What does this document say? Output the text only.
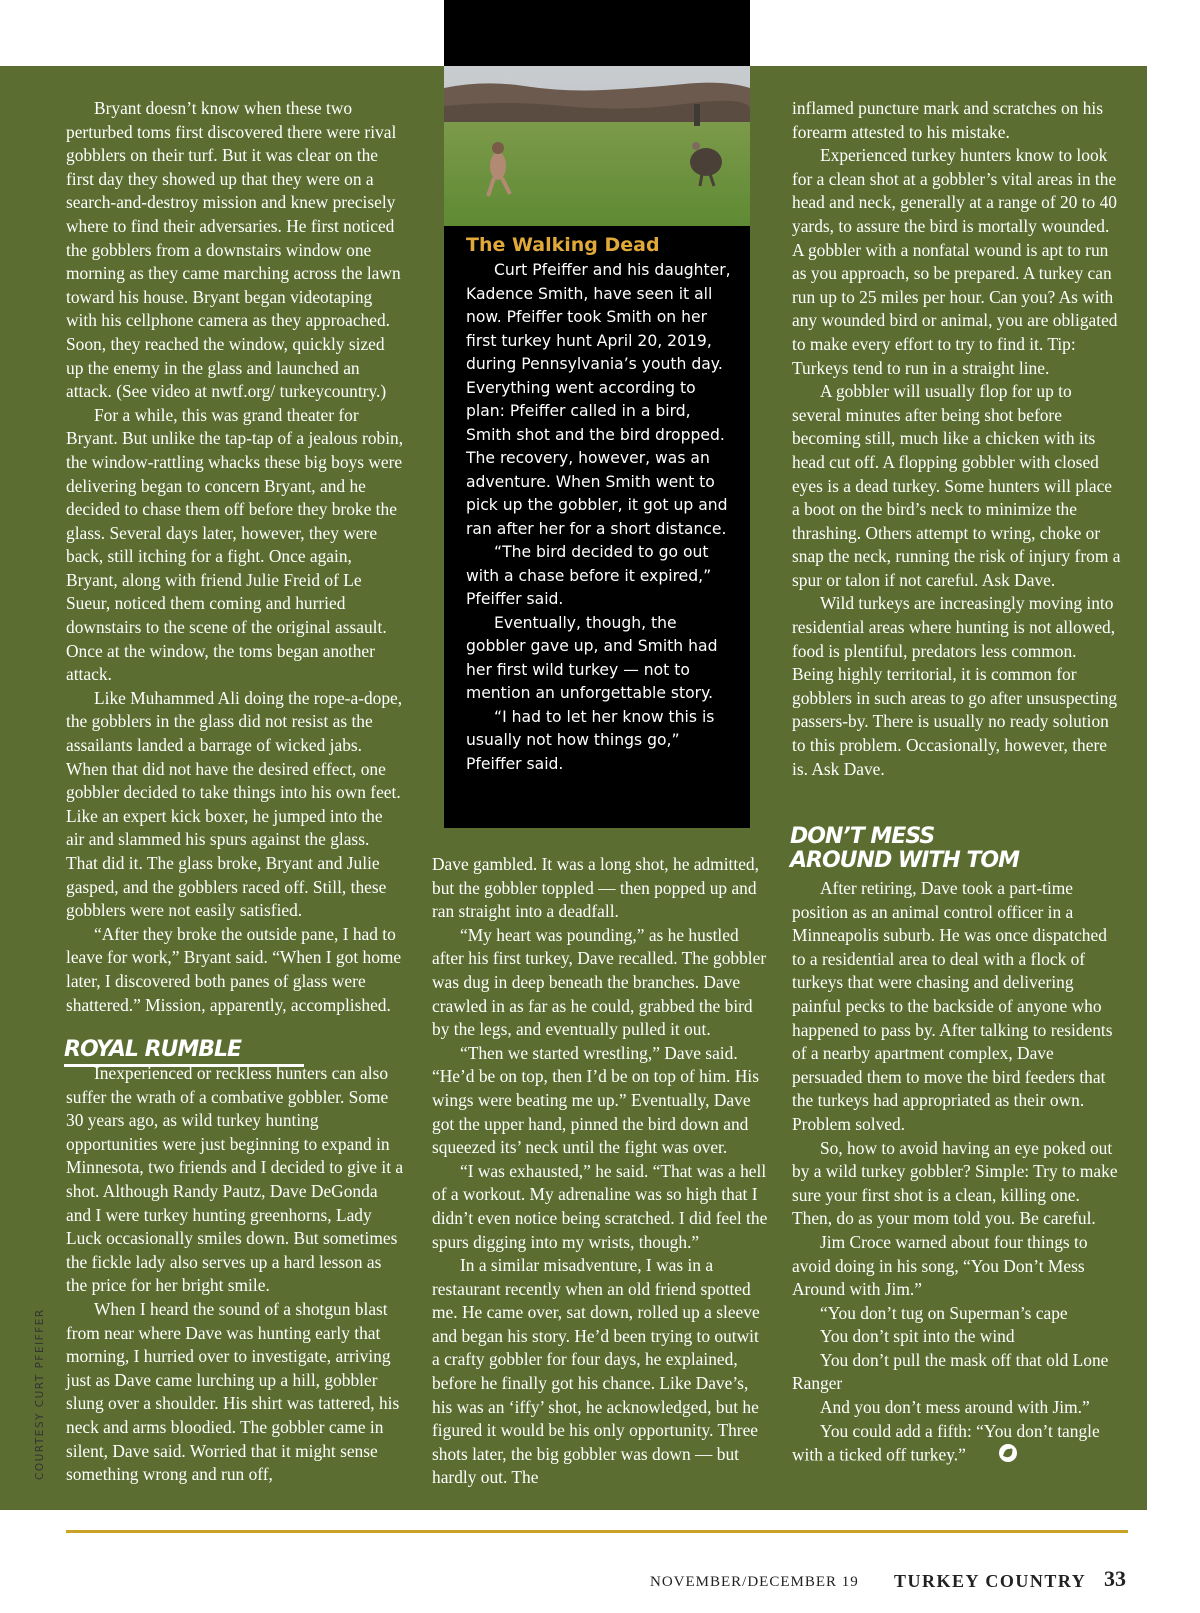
Bryant doesn’t know when these two perturbed toms first discovered there were rival gobblers on their turf. But it was clear on the first day they showed up that they were on a search-and-destroy mission and knew precisely where to find their adversaries. He first noticed the gobblers from a downstairs window one morning as they came marching across the lawn toward his house. Bryant began videotaping with his cellphone camera as they approached. Soon, they reached the window, quickly sized up the enemy in the glass and launched an attack. (See video at nwtf.org/ turkeycountry.)

For a while, this was grand theater for Bryant. But unlike the tap-tap of a jealous robin, the window-rattling whacks these big boys were delivering began to concern Bryant, and he decided to chase them off before they broke the glass. Several days later, however, they were back, still itching for a fight. Once again, Bryant, along with friend Julie Freid of Le Sueur, noticed them coming and hurried downstairs to the scene of the original assault. Once at the window, the toms began another attack.

Like Muhammed Ali doing the rope-a-dope, the gobblers in the glass did not resist as the assailants landed a barrage of wicked jabs. When that did not have the desired effect, one gobbler decided to take things into his own feet. Like an expert kick boxer, he jumped into the air and slammed his spurs against the glass. That did it. The glass broke, Bryant and Julie gasped, and the gobblers raced off. Still, these gobblers were not easily satisfied.

“After they broke the outside pane, I had to leave for work,” Bryant said. “When I got home later, I discovered both panes of glass were shattered.” Mission, apparently, accomplished.

ROYAL RUMBLE

Inexperienced or reckless hunters can also suffer the wrath of a combative gobbler. Some 30 years ago, as wild turkey hunting opportunities were just beginning to expand in Minnesota, two friends and I decided to give it a shot. Although Randy Pautz, Dave DeGonda and I were turkey hunting greenhorns, Lady Luck occasionally smiles down. But sometimes the fickle lady also serves up a hard lesson as the price for her bright smile.

When I heard the sound of a shotgun blast from near where Dave was hunting early that morning, I hurried over to investigate, arriving just as Dave came lurching up a hill, gobbler slung over a shoulder. His shirt was tattered, his neck and arms bloodied. The gobbler came in silent, Dave said. Worried that it might sense something wrong and run off,

The Walking Dead

Curt Pfeiffer and his daughter, Kadence Smith, have seen it all now. Pfeiffer took Smith on her first turkey hunt April 20, 2019, during Pennsylvania’s youth day. Everything went according to plan: Pfeiffer called in a bird, Smith shot and the bird dropped. The recovery, however, was an adventure. When Smith went to pick up the gobbler, it got up and ran after her for a short distance.

“The bird decided to go out with a chase before it expired,” Pfeiffer said.

Eventually, though, the gobbler gave up, and Smith had her first wild turkey — not to mention an unforgettable story.

“I had to let her know this is usually not how things go,” Pfeiffer said.

Dave gambled. It was a long shot, he admitted, but the gobbler toppled — then popped up and ran straight into a deadfall.

“My heart was pounding,” as he hustled after his first turkey, Dave recalled. The gobbler was dug in deep beneath the branches. Dave crawled in as far as he could, grabbed the bird by the legs, and eventually pulled it out.

“Then we started wrestling,” Dave said. “He’d be on top, then I’d be on top of him. His wings were beating me up.” Eventually, Dave got the upper hand, pinned the bird down and squeezed its’ neck until the fight was over.

“I was exhausted,” he said. “That was a hell of a workout. My adrenaline was so high that I didn’t even notice being scratched. I did feel the spurs digging into my wrists, though.”

In a similar misadventure, I was in a restaurant recently when an old friend spotted me. He came over, sat down, rolled up a sleeve and began his story. He’d been trying to outwit a crafty gobbler for four days, he explained, before he finally got his chance. Like Dave’s, his was an ‘iffy’ shot, he acknowledged, but he figured it would be his only opportunity. Three shots later, the big gobbler was down — but hardly out. The

inflamed puncture mark and scratches on his forearm attested to his mistake.

Experienced turkey hunters know to look for a clean shot at a gobbler’s vital areas in the head and neck, generally at a range of 20 to 40 yards, to assure the bird is mortally wounded. A gobbler with a nonfatal wound is apt to run as you approach, so be prepared. A turkey can run up to 25 miles per hour. Can you? As with any wounded bird or animal, you are obligated to make every effort to try to find it. Tip: Turkeys tend to run in a straight line.

A gobbler will usually flop for up to several minutes after being shot before becoming still, much like a chicken with its head cut off. A flopping gobbler with closed eyes is a dead turkey. Some hunters will place a boot on the bird’s neck to minimize the thrashing. Others attempt to wring, choke or snap the neck, running the risk of injury from a spur or talon if not careful. Ask Dave.

Wild turkeys are increasingly moving into residential areas where hunting is not allowed, food is plentiful, predators less common. Being highly territorial, it is common for gobblers in such areas to go after unsuspecting passers-by. There is usually no ready solution to this problem. Occasionally, however, there is. Ask Dave.

DON’T MESS
AROUND WITH TOM

After retiring, Dave took a part-time position as an animal control officer in a Minneapolis suburb. He was once dispatched to a residential area to deal with a flock of turkeys that were chasing and delivering painful pecks to the backside of anyone who happened to pass by. After talking to residents of a nearby apartment complex, Dave persuaded them to move the bird feeders that the turkeys had appropriated as their own. Problem solved.

So, how to avoid having an eye poked out by a wild turkey gobbler? Simple: Try to make sure your first shot is a clean, killing one. Then, do as your mom told you. Be careful.

Jim Croce warned about four things to avoid doing in his song, “You Don’t Mess Around with Jim.”

“You don’t tug on Superman’s cape

You don’t spit into the wind

You don’t pull the mask off that old Lone Ranger

And you don’t mess around with Jim.”

You could add a fifth: “You don’t tangle with a ticked off turkey.”

COURTESY CURT PFEIFFER
NOVEMBER/DECEMBER 19 TURKEY COUNTRY 33
